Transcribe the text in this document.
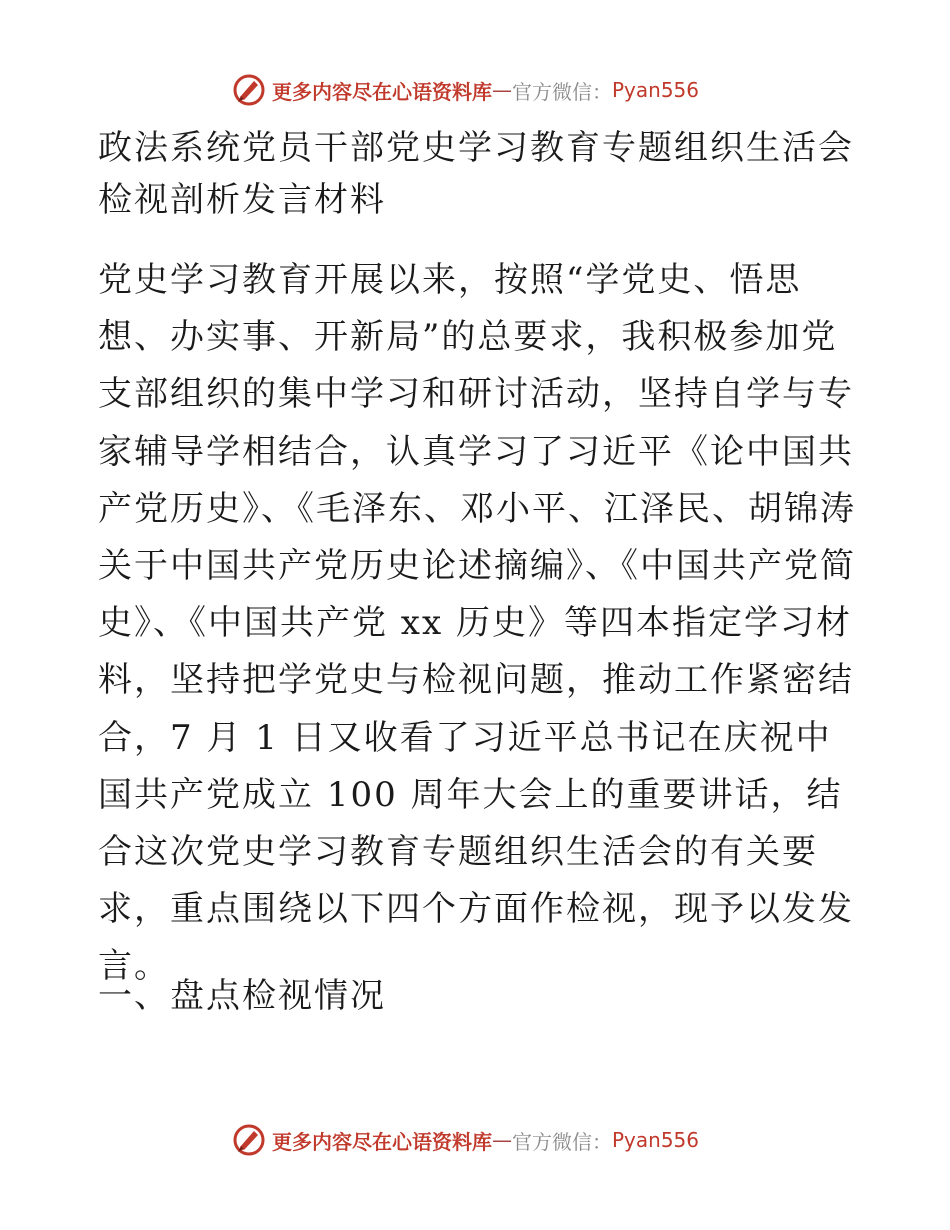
更多内容尽在心语资料库 — 官方微信： Pyan556
政法系统党员干部党史学习教育专题组织生活会
检视剖析发言材料

党史学习教育开展以来，按照“学党史、悟思想、办实事、开新局”的总要求，我积极参加党支部组织的集中学习和研讨活动，坚持自学与专家辅导学相结合，认真学习了习近平《论中国共产党历史》、《毛泽东、邓小平、江泽民、胡锦涛关于中国共产党历史论述摘编》、《中国共产党简史》、《中国共产党 xx 历史》等四本指定学习材料，坚持把学党史与检视问题，推动工作紧密结合，7 月 1 日又收看了习近平总书记在庆祝中国共产党成立 100 周年大会上的重要讲话，结合这次党史学习教育专题组织生活会的有关要求，重点围绕以下四个方面作检视，现予以发发言。

一、盘点检视情况
更多内容尽在心语资料库 — 官方微信： Pyan556
